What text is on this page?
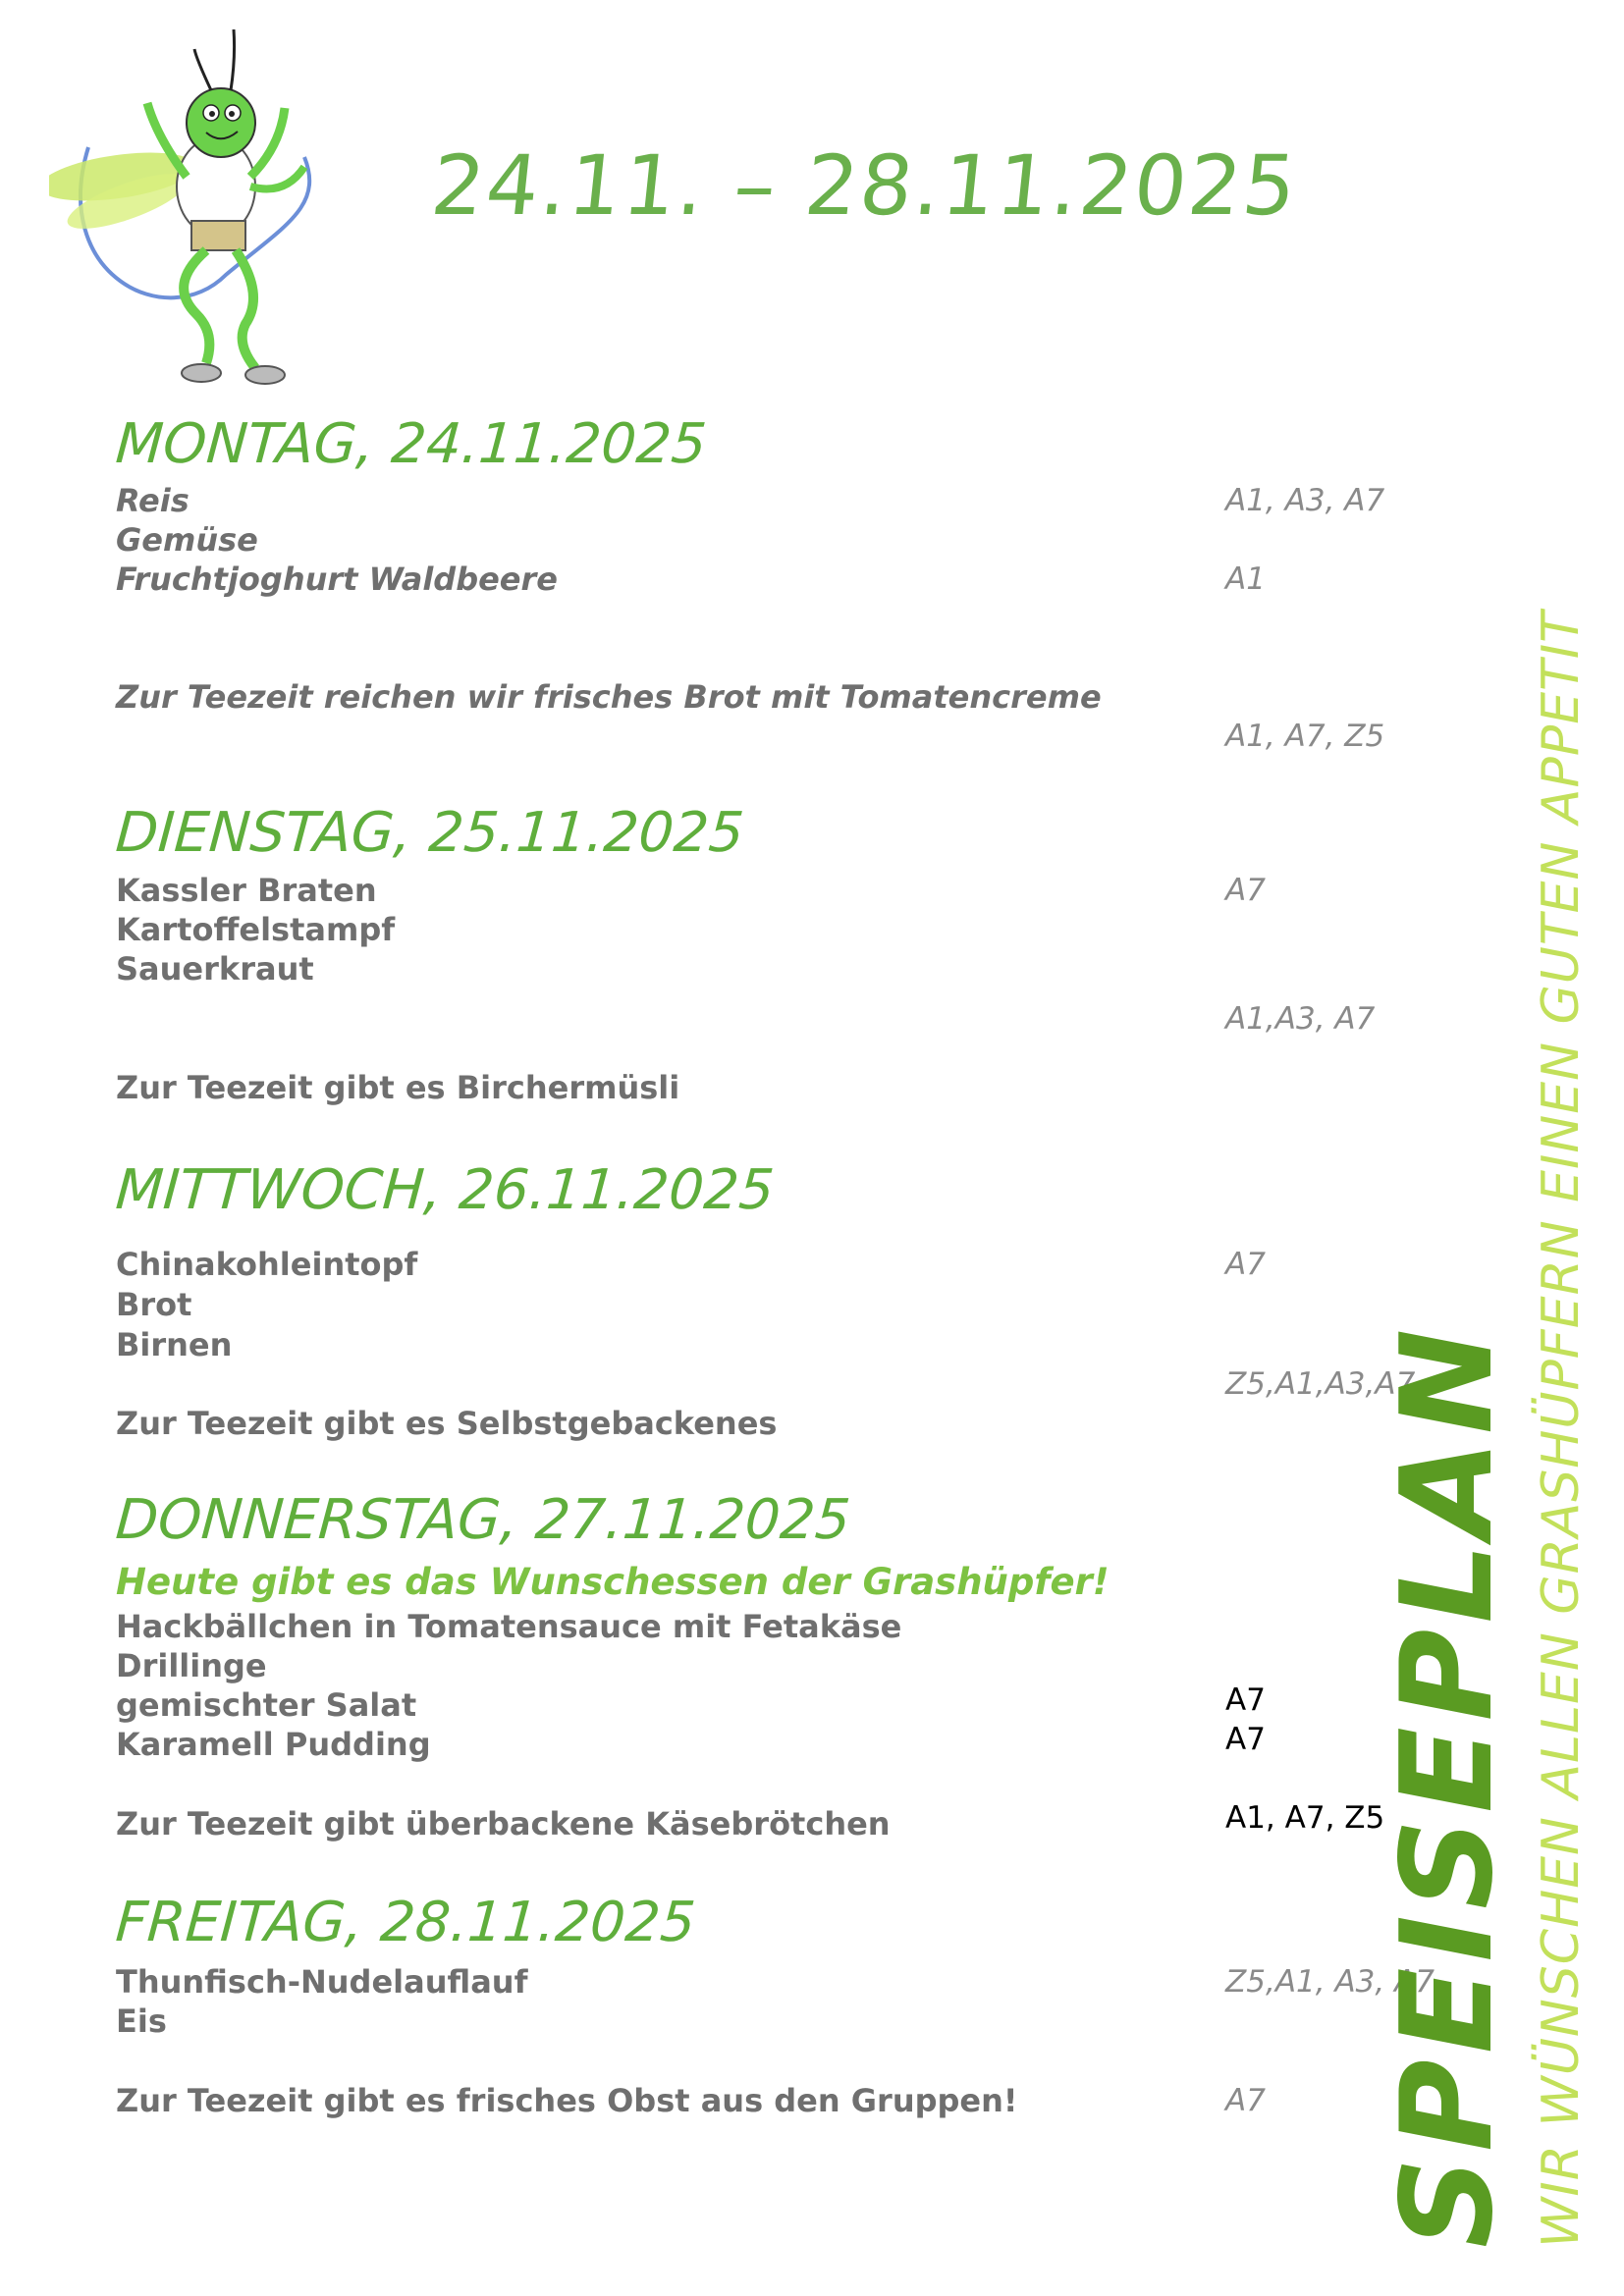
24.11. – 28.11.2025
MONTAG, 24.11.2025
Reis
Gemüse
Fruchtjoghurt Waldbeere
Zur Teezeit reichen wir frisches Brot mit Tomatencreme
A1, A3, A7
A1
A1, A7, Z5
DIENSTAG, 25.11.2025
Kassler Braten
Kartoffelstampf
Sauerkraut
Zur Teezeit gibt es Birchermüsli
A7
A1,A3, A7
MITTWOCH, 26.11.2025
Chinakohleintopf
Brot
Birnen
Zur Teezeit gibt es Selbstgebackenes
A7
Z5,A1,A3,A7
DONNERSTAG, 27.11.2025
Heute gibt es das Wunschessen der Grashüpfer!
Hackbällchen in Tomatensauce mit Fetakäse
Drillinge
gemischter Salat
Karamell Pudding
Zur Teezeit gibt überbackene Käsebrötchen
A7
A7
A1, A7, Z5
FREITAG, 28.11.2025
Thunfisch-Nudelauflauf
Eis
Zur Teezeit gibt es frisches Obst aus den Gruppen!
Z5,A1, A3, A7
A7 SPEISEPLAN WIR WÜNSCHEN ALLEN GRASHÜPFERN EINEN GUTEN APPETIT
